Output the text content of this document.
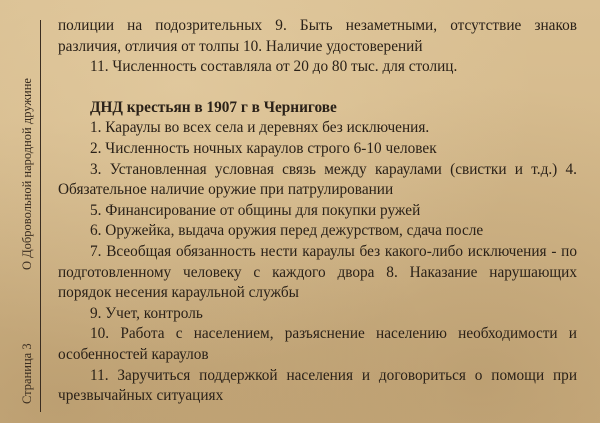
О Добровольной народной дружине
Страница 3

полиции на подозрительных 9. Быть незаметными, отсутствие знаков различия, отличия от толпы 10. Наличие удостоверений

11. Численность составляла от 20 до 80 тыс. для столиц.

ДНД крестьян в 1907 г в Чернигове

1. Караулы во всех села и деревнях без исключения.

2. Численность ночных караулов строго 6-10 человек

3. Установленная условная связь между караулами (свистки и т.д.) 4. Обязательное наличие оружие при патрулировании

5. Финансирование от общины для покупки ружей

6. Оружейка, выдача оружия перед дежурством, сдача после

7. Всеобщая обязанность нести караулы без какого-либо исключения - по подготовленному человеку с каждого двора 8. Наказание нарушающих порядок несения караульной службы

9. Учет, контроль

10. Работа с населением, разъяснение населению необходимости и особенностей караулов

11. Заручиться поддержкой населения и договориться о помощи при чрезвычайных ситуациях
